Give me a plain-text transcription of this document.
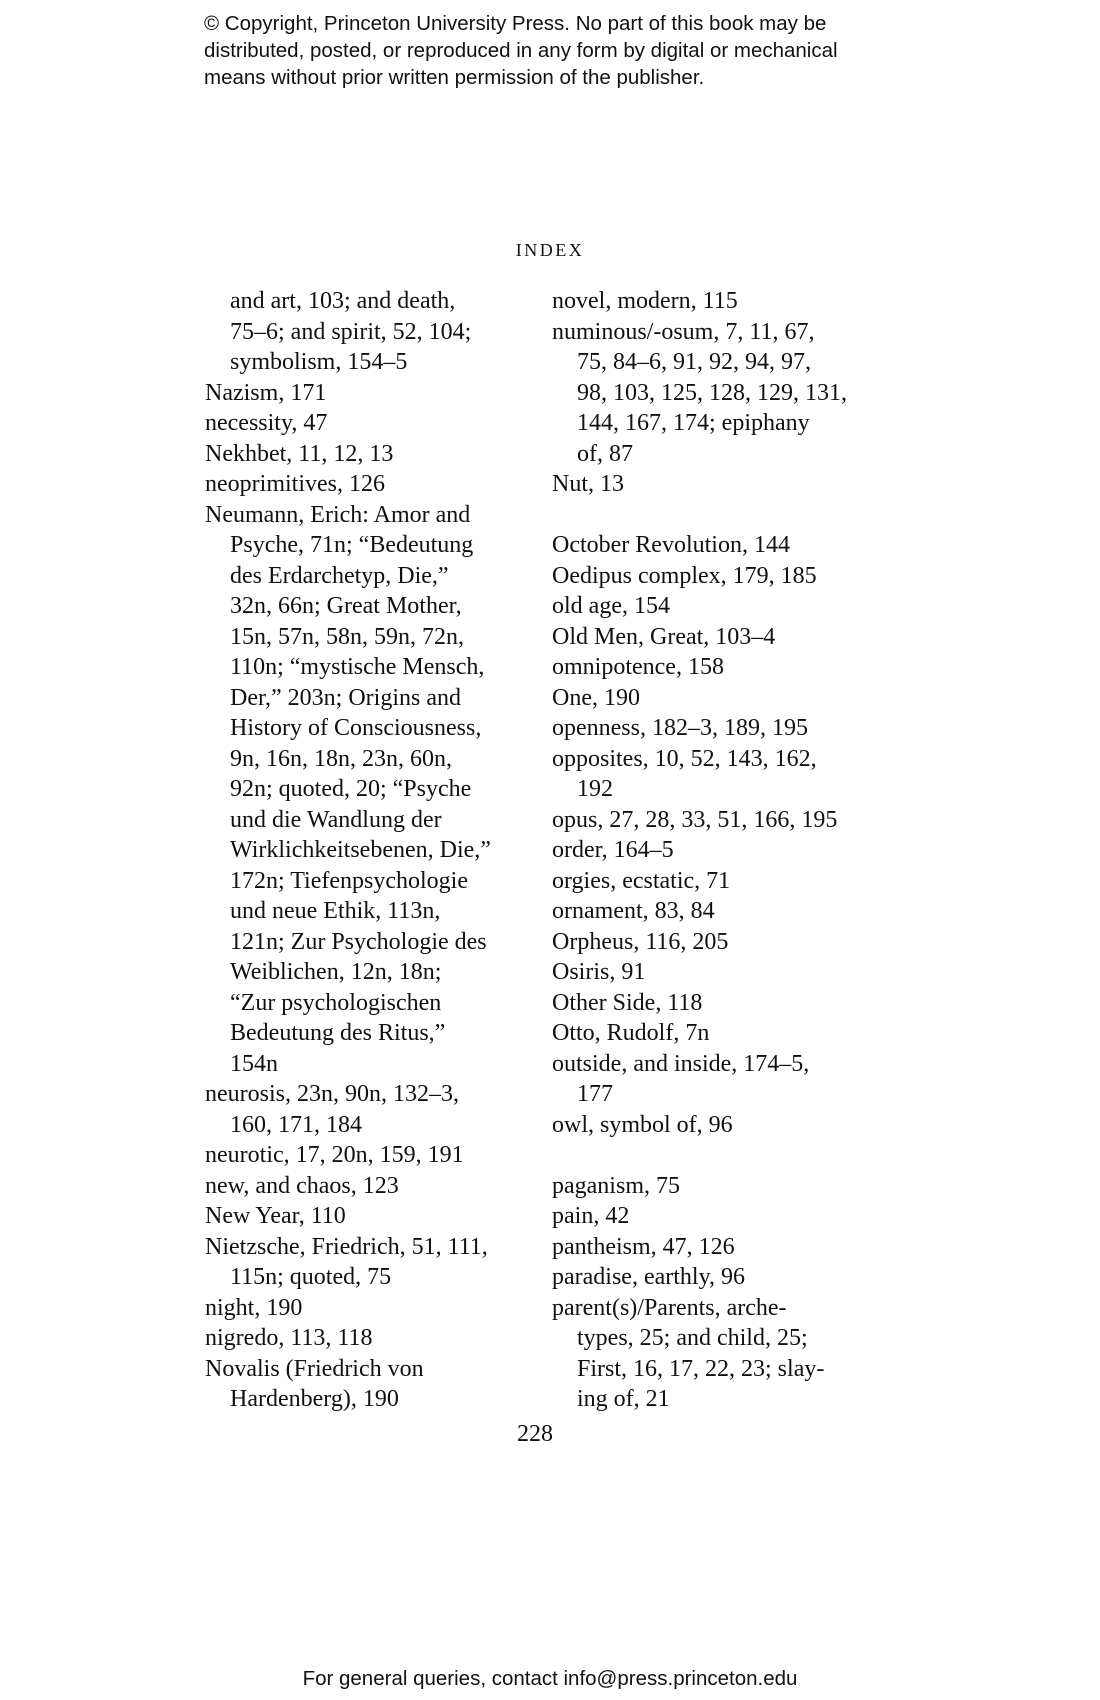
© Copyright, Princeton University Press. No part of this book may be
distributed, posted, or reproduced in any form by digital or mechanical
means without prior written permission of the publisher.
INDEX
and art, 103; and death,
75–6; and spirit, 52, 104;
symbolism, 154–5
Nazism, 171
necessity, 47
Nekhbet, 11, 12, 13
neoprimitives, 126
Neumann, Erich: Amor and
Psyche, 71n; “Bedeutung
des Erdarchetyp, Die,”
32n, 66n; Great Mother,
15n, 57n, 58n, 59n, 72n,
110n; “mystische Mensch,
Der,” 203n; Origins and
History of Consciousness,
9n, 16n, 18n, 23n, 60n,
92n; quoted, 20; “Psyche
und die Wandlung der
Wirklichkeitsebenen, Die,”
172n; Tiefenpsychologie
und neue Ethik, 113n,
121n; Zur Psychologie des
Weiblichen, 12n, 18n;
“Zur psychologischen
Bedeutung des Ritus,”
154n
neurosis, 23n, 90n, 132–3,
160, 171, 184
neurotic, 17, 20n, 159, 191
new, and chaos, 123
New Year, 110
Nietzsche, Friedrich, 51, 111,
115n; quoted, 75
night, 190
nigredo, 113, 118
Novalis (Friedrich von
Hardenberg), 190
novel, modern, 115
numinous/-osum, 7, 11, 67,
75, 84–6, 91, 92, 94, 97,
98, 103, 125, 128, 129, 131,
144, 167, 174; epiphany
of, 87
Nut, 13
October Revolution, 144
Oedipus complex, 179, 185
old age, 154
Old Men, Great, 103–4
omnipotence, 158
One, 190
openness, 182–3, 189, 195
opposites, 10, 52, 143, 162,
192
opus, 27, 28, 33, 51, 166, 195
order, 164–5
orgies, ecstatic, 71
ornament, 83, 84
Orpheus, 116, 205
Osiris, 91
Other Side, 118
Otto, Rudolf, 7n
outside, and inside, 174–5,
177
owl, symbol of, 96
paganism, 75
pain, 42
pantheism, 47, 126
paradise, earthly, 96
parent(s)/Parents, arche-
types, 25; and child, 25;
First, 16, 17, 22, 23; slay-
ing of, 21
228
For general queries, contact info@press.princeton.edu
